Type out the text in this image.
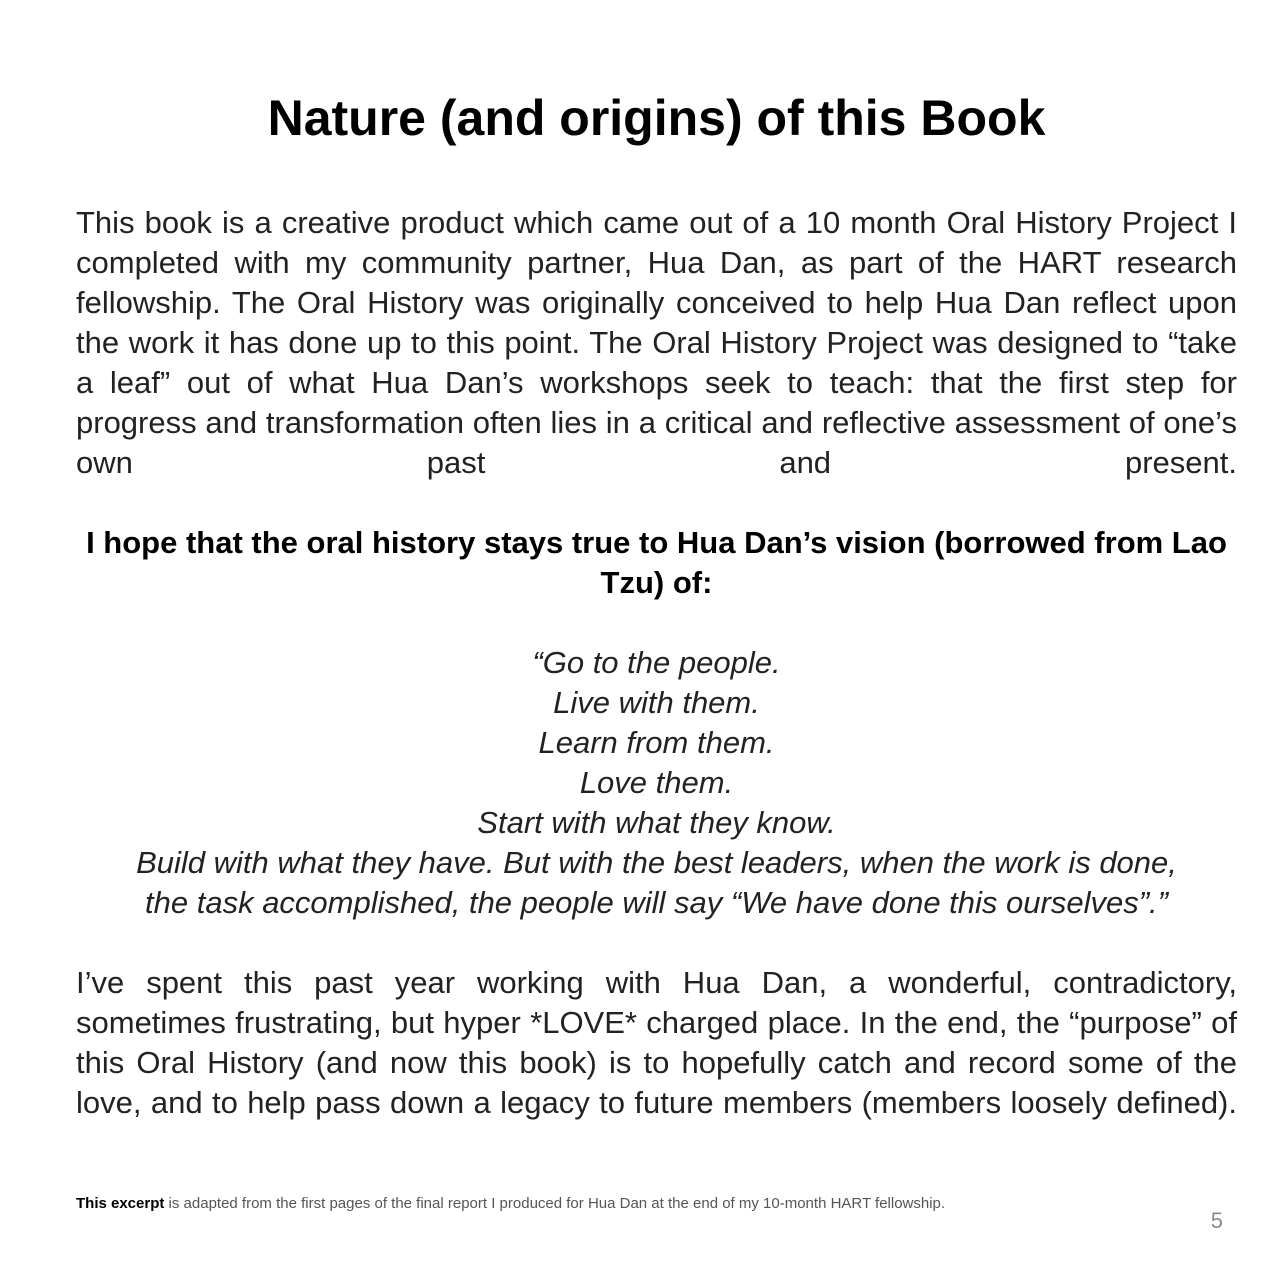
Nature (and origins) of this Book

This book is a creative product which came out of a 10 month Oral History Project I completed with my community partner, Hua Dan, as part of the HART research fellowship. The Oral History was originally conceived to help Hua Dan reflect upon the work it has done up to this point. The Oral History Project was designed to “take a leaf” out of what Hua Dan’s workshops seek to teach: that the first step for progress and transformation often lies in a critical and reflective assessment of one’s own past and present.

I hope that the oral history stays true to Hua Dan’s vision (borrowed from Lao Tzu) of:

“Go to the people.
Live with them.
Learn from them.
Love them.
Start with what they know.
Build with what they have. But with the best leaders, when the work is done,
the task accomplished, the people will say “We have done this ourselves”.”

I’ve spent this past year working with Hua Dan, a wonderful, contradictory, sometimes frustrating, but hyper *LOVE* charged place. In the end, the “purpose” of this Oral History (and now this book) is to hopefully catch and record some of the love, and to help pass down a legacy to future members (members loosely defined).

This excerpt is adapted from the first pages of the final report I produced for Hua Dan at the end of my 10-month HART fellowship.

5
